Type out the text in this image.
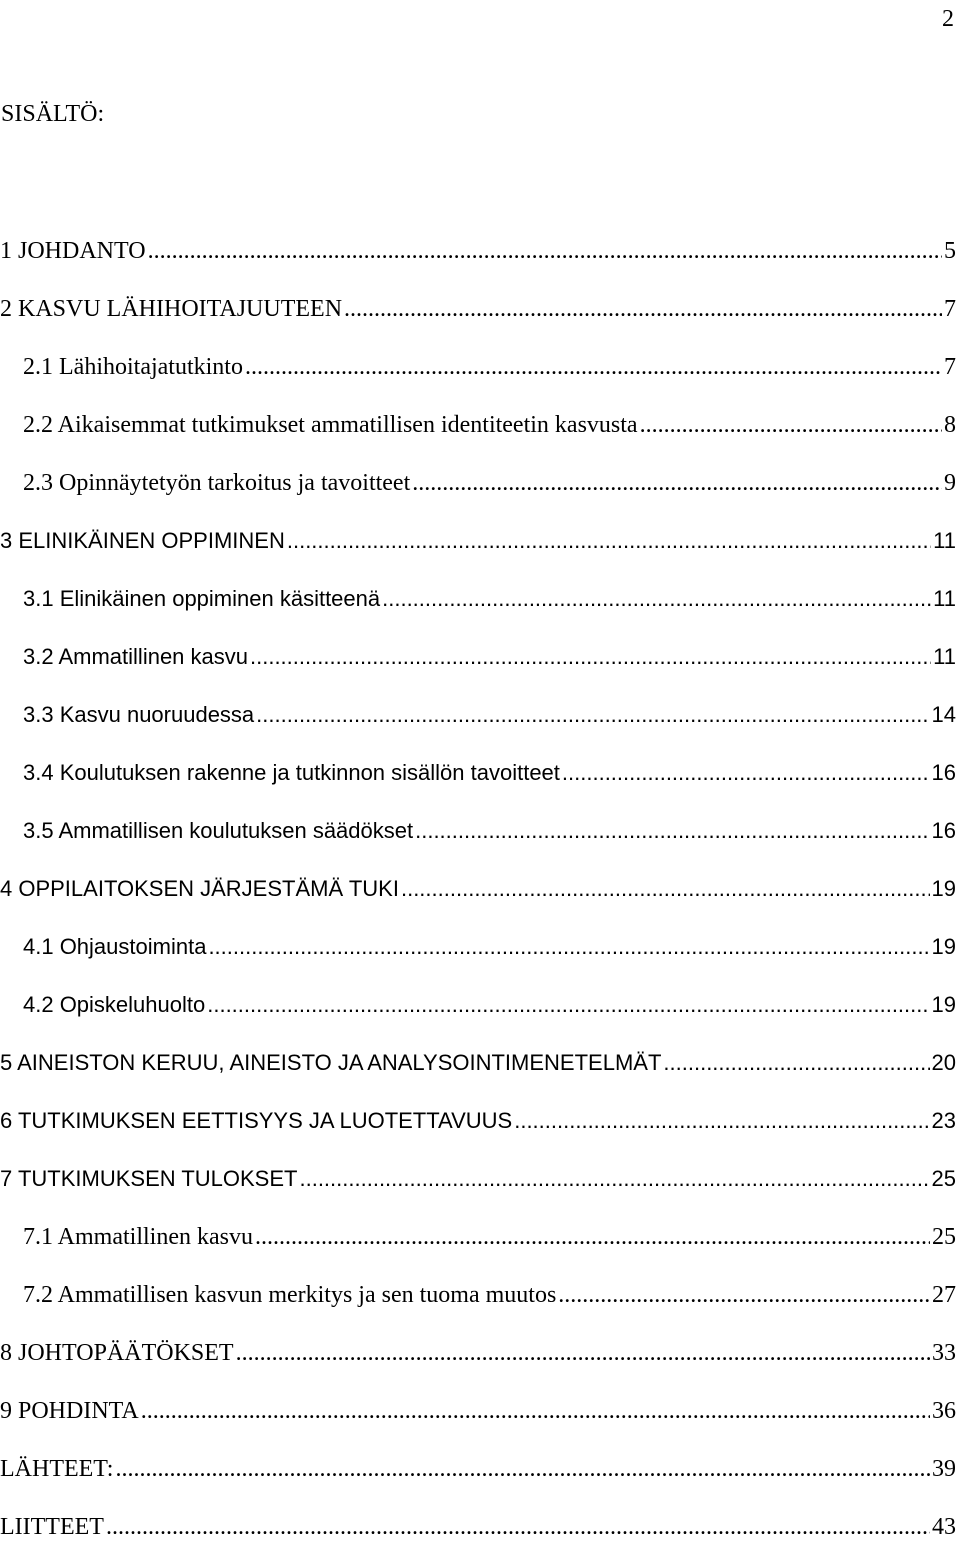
2
SISÄLTÖ:
1 JOHDANTO .....	5
2 KASVU LÄHIHOITAJUUTEEN .....	7
2.1 Lähihoitajatutkinto .....	7
2.2 Aikaisemmat tutkimukset ammatillisen identiteetin kasvusta .....	8
2.3 Opinnäytetyön tarkoitus ja tavoitteet .....	9
3 ELINIKÄINEN OPPIMINEN .....	11
3.1 Elinikäinen oppiminen käsitteenä .....	11
3.2 Ammatillinen kasvu .....	11
3.3 Kasvu nuoruudessa .....	14
3.4 Koulutuksen rakenne ja tutkinnon sisällön tavoitteet .....	16
3.5 Ammatillisen koulutuksen säädökset .....	16
4 OPPILAITOKSEN JÄRJESTÄMÄ TUKI .....	19
4.1 Ohjaustoiminta .....	19
4.2 Opiskeluhuolto .....	19
5 AINEISTON KERUU, AINEISTO JA ANALYSOINTIMENETELMÄT .....	20
6 TUTKIMUKSEN EETTISYYS JA LUOTETTAVUUS .....	23
7 TUTKIMUKSEN TULOKSET .....	25
7.1 Ammatillinen kasvu .....	25
7.2 Ammatillisen kasvun merkitys ja sen tuoma muutos .....	27
8 JOHTOPÄÄTÖKSET .....	33
9 POHDINTA .....	36
LÄHTEET: .....	39
LIITTEET .....	43
